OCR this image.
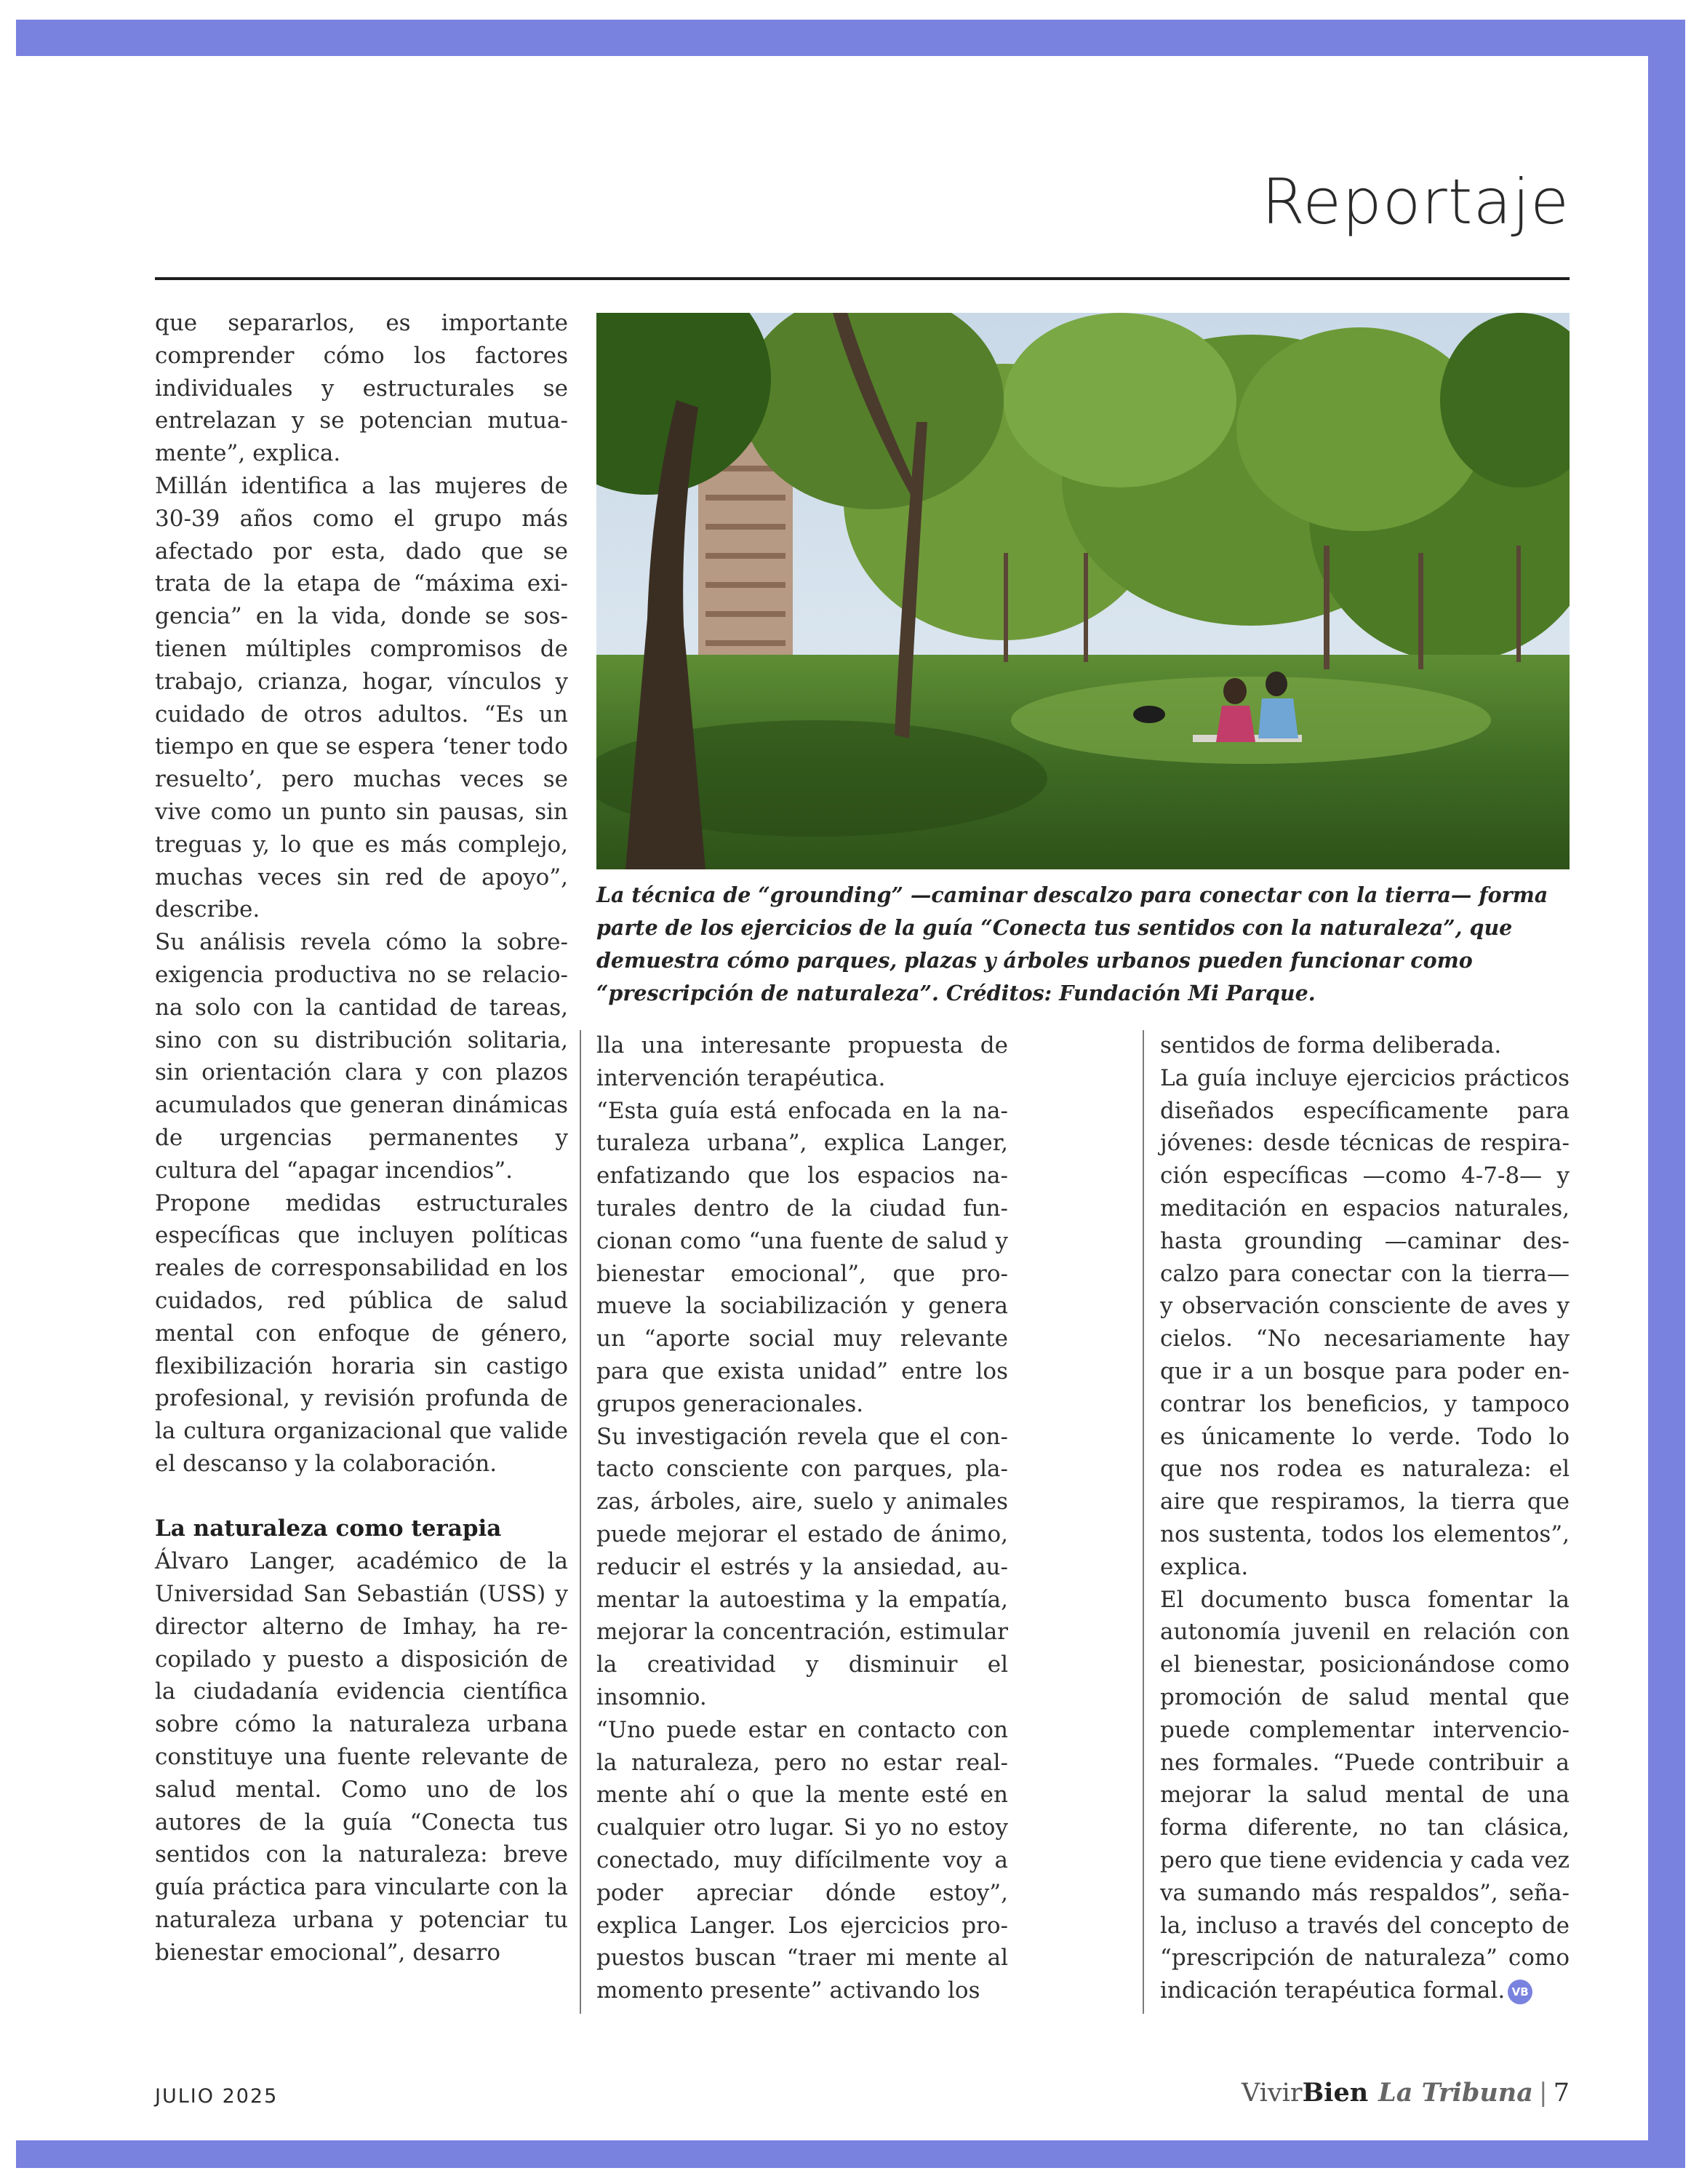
Reportaje

que separarlos, es importante comprender cómo los factores individuales y estructurales se entrelazan y se potencian mutuamente”, explica.

Millán identifica a las mujeres de 30-39 años como el grupo más afectado por esta, dado que se trata de la etapa de “máxima exigencia” en la vida, donde se sostienen múltiples compromisos de trabajo, crianza, hogar, vínculos y cuidado de otros adultos. “Es un tiempo en que se espera ‘tener todo resuelto’, pero muchas veces se vive como un punto sin pausas, sin treguas y, lo que es más complejo, muchas veces sin red de apoyo”, describe.

Su análisis revela cómo la sobreexigencia productiva no se relaciona solo con la cantidad de tareas, sino con su distribución solitaria, sin orientación clara y con plazos acumulados que generan dinámicas de urgencias permanentes y cultura del “apagar incendios”.

Propone medidas estructurales específicas que incluyen políticas reales de corresponsabilidad en los cuidados, red pública de salud mental con enfoque de género, flexibilización horaria sin castigo profesional, y revisión profunda de la cultura organizacional que valide el descanso y la colaboración.

La naturaleza como terapia

Álvaro Langer, académico de la Universidad San Sebastián (USS) y director alterno de Imhay, ha recopilado y puesto a disposición de la ciudadanía evidencia científica sobre cómo la naturaleza urbana constituye una fuente relevante de salud mental. Como uno de los autores de la guía “Conecta tus sentidos con la naturaleza: breve guía práctica para vincularte con la naturaleza urbana y potenciar tu bienestar emocional”, desarro

La técnica de “grounding” —caminar descalzo para conectar con la tierra— forma parte de los ejercicios de la guía “Conecta tus sentidos con la naturaleza”, que demuestra cómo parques, plazas y árboles urbanos pueden funcionar como “prescripción de naturaleza”. Créditos: Fundación Mi Parque.

lla una interesante propuesta de intervención terapéutica.

“Esta guía está enfocada en la naturaleza urbana”, explica Langer, enfatizando que los espacios naturales dentro de la ciudad funcionan como “una fuente de salud y bienestar emocional”, que promueve la sociabilización y genera un “aporte social muy relevante para que exista unidad” entre los grupos generacionales.

Su investigación revela que el contacto consciente con parques, plazas, árboles, aire, suelo y animales puede mejorar el estado de ánimo, reducir el estrés y la ansiedad, aumentar la autoestima y la empatía, mejorar la concentración, estimular la creatividad y disminuir el insomnio.

“Uno puede estar en contacto con la naturaleza, pero no estar realmente ahí o que la mente esté en cualquier otro lugar. Si yo no estoy conectado, muy difícilmente voy a poder apreciar dónde estoy”, explica Langer. Los ejercicios propuestos buscan “traer mi mente al momento presente” activando los

sentidos de forma deliberada.

La guía incluye ejercicios prácticos diseñados específicamente para jóvenes: desde técnicas de respiración específicas —como 4-7-8— y meditación en espacios naturales, hasta grounding —caminar descalzo para conectar con la tierra— y observación consciente de aves y cielos. “No necesariamente hay que ir a un bosque para poder encontrar los beneficios, y tampoco es únicamente lo verde. Todo lo que nos rodea es naturaleza: el aire que respiramos, la tierra que nos sustenta, todos los elementos”, explica.

El documento busca fomentar la autonomía juvenil en relación con el bienestar, posicionándose como promoción de salud mental que puede complementar intervenciones formales. “Puede contribuir a mejorar la salud mental de una forma diferente, no tan clásica, pero que tiene evidencia y cada vez va sumando más respaldos”, señala, incluso a través del concepto de “prescripción de naturaleza” como indicación terapéutica formal. VB

JULIO 2025	Vivir Bien La Tribuna | 7
